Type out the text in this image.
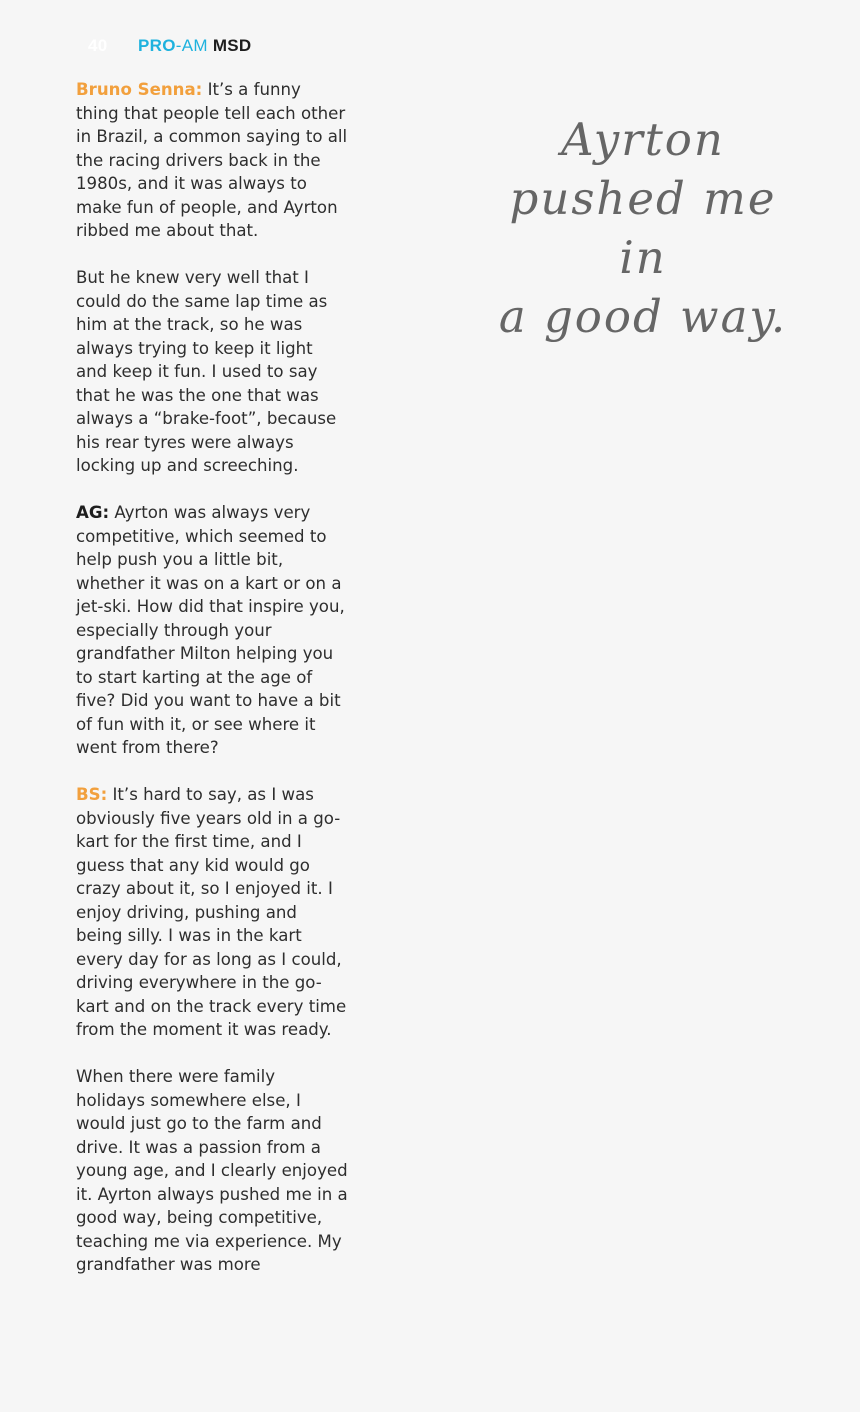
40	PRO - AM MSD

Bruno Senna: It’s a funny thing that people tell each other in Brazil, a common saying to all the racing drivers back in the 1980s, and it was always to make fun of people, and Ayrton ribbed me about that.

But he knew very well that I could do the same lap time as him at the track, so he was always trying to keep it light and keep it fun. I used to say that he was the one that was always a “brake-foot”, because his rear tyres were always locking up and screeching.

AG: Ayrton was always very competitive, which seemed to help push you a little bit, whether it was on a kart or on a jet-ski. How did that inspire you, especially through your grandfather Milton helping you to start karting at the age of five? Did you want to have a bit of fun with it, or see where it went from there?

BS: It’s hard to say, as I was obviously five years old in a go-kart for the first time, and I guess that any kid would go crazy about it, so I enjoyed it. I enjoy driving, pushing and being silly. I was in the kart every day for as long as I could, driving everywhere in the go-kart and on the track every time from the moment it was ready.

When there were family holidays somewhere else, I would just go to the farm and drive. It was a passion from a young age, and I clearly enjoyed it. Ayrton always pushed me in a good way, being competitive, teaching me via experience. My grandfather was more

Ayrton
pushed me in
a good way.
